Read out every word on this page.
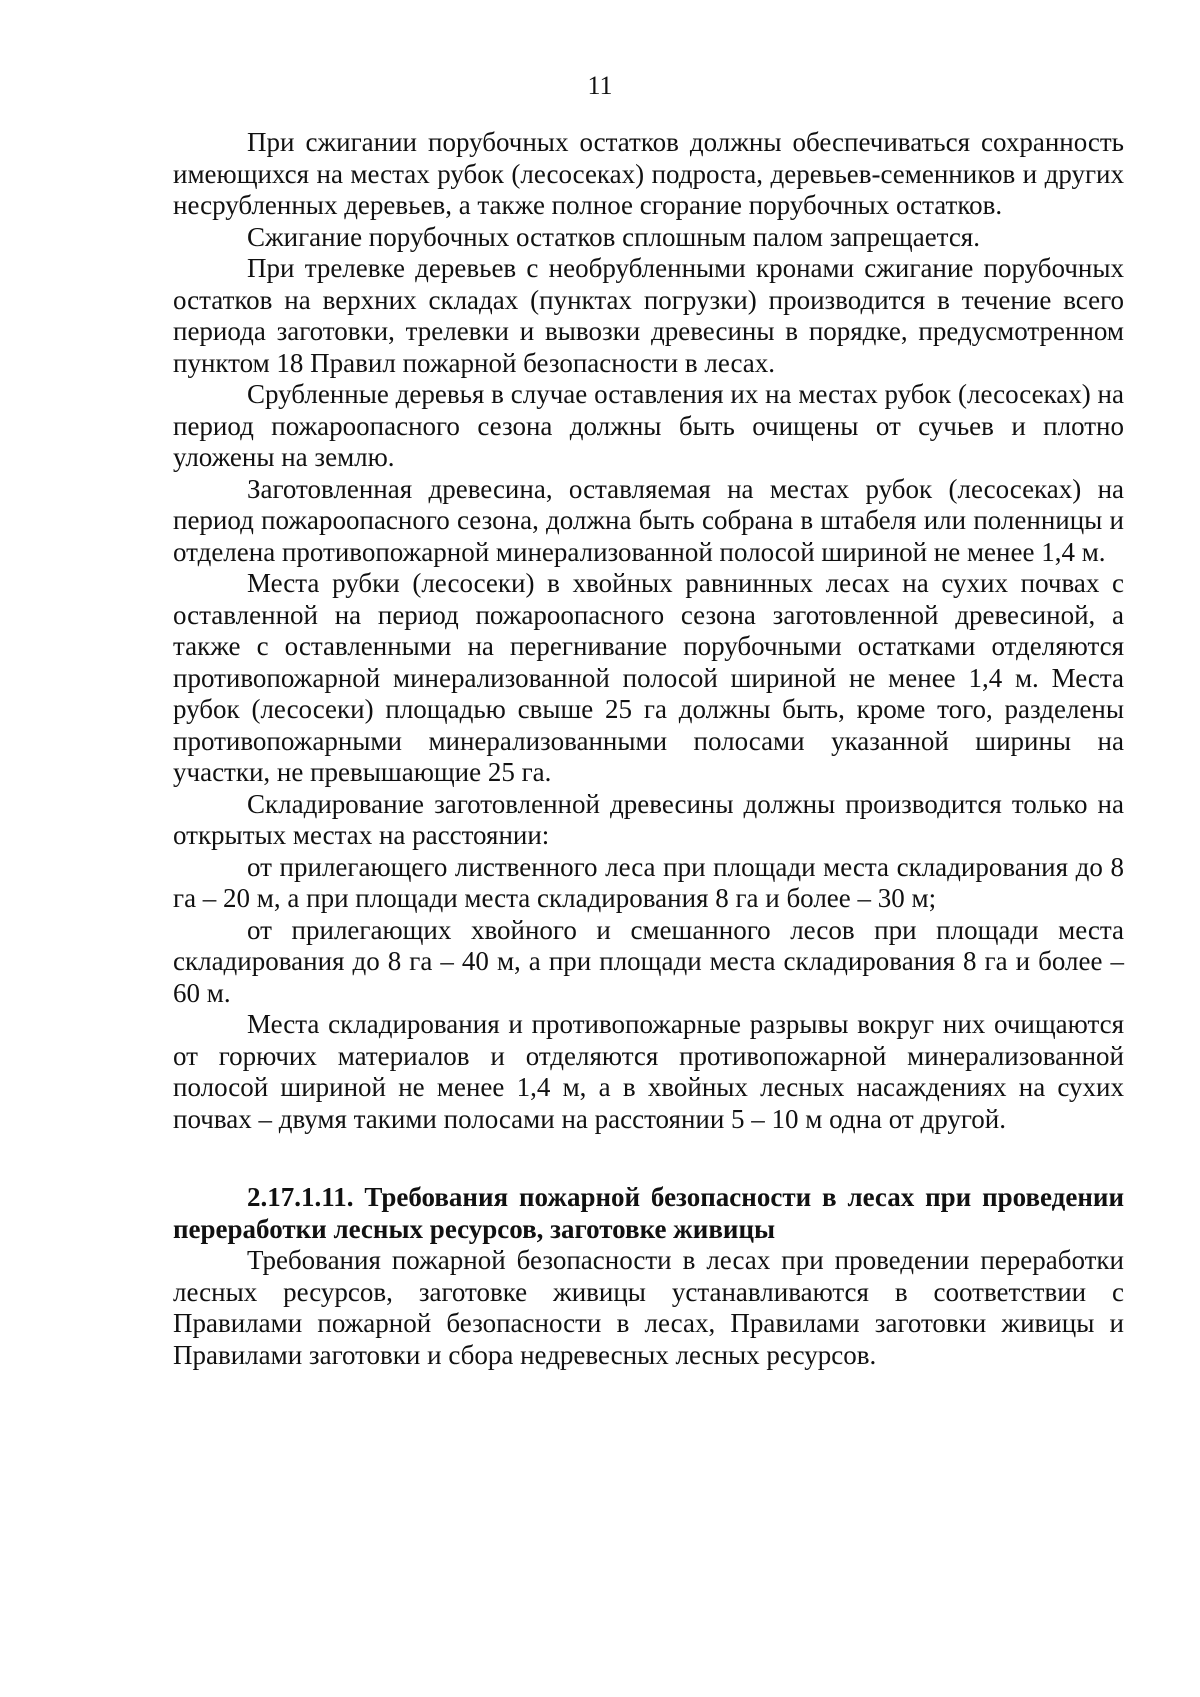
11

При сжигании порубочных остатков должны обеспечиваться сохранность имеющихся на местах рубок (лесосеках) подроста, деревьев-семенников и других несрубленных деревьев, а также полное сгорание порубочных остатков.

Сжигание порубочных остатков сплошным палом запрещается.

При трелевке деревьев с необрубленными кронами сжигание порубочных остатков на верхних складах (пунктах погрузки) производится в течение всего периода заготовки, трелевки и вывозки древесины в порядке, предусмотренном пунктом 18 Правил пожарной безопасности в лесах.

Срубленные деревья в случае оставления их на местах рубок (лесосеках) на период пожароопасного сезона должны быть очищены от сучьев и плотно уложены на землю.

Заготовленная древесина, оставляемая на местах рубок (лесосеках) на период пожароопасного сезона, должна быть собрана в штабеля или поленницы и отделена противопожарной минерализованной полосой шириной не менее 1,4 м.

Места рубки (лесосеки) в хвойных равнинных лесах на сухих почвах с оставленной на период пожароопасного сезона заготовленной древесиной, а также с оставленными на перегнивание порубочными остатками отделяются противопожарной минерализованной полосой шириной не менее 1,4 м. Места рубок (лесосеки) площадью свыше 25 га должны быть, кроме того, разделены противопожарными минерализованными полосами указанной ширины на участки, не превышающие 25 га.

Складирование заготовленной древесины должны производится только на открытых местах на расстоянии:

от прилегающего лиственного леса при площади места складирования до 8 га – 20 м, а при площади места складирования 8 га и более – 30 м;

от прилегающих хвойного и смешанного лесов при площади места складирования до 8 га – 40 м, а при площади места складирования 8 га и более – 60 м.

Места складирования и противопожарные разрывы вокруг них очищаются от горючих материалов и отделяются противопожарной минерализованной полосой шириной не менее 1,4 м, а в хвойных лесных насаждениях на сухих почвах – двумя такими полосами на расстоянии 5 – 10 м одна от другой.

2.17.1.11. Требования пожарной безопасности в лесах при проведении переработки лесных ресурсов, заготовке живицы

Требования пожарной безопасности в лесах при проведении переработки лесных ресурсов, заготовке живицы устанавливаются в соответствии с Правилами пожарной безопасности в лесах, Правилами заготовки живицы и Правилами заготовки и сбора недревесных лесных ресурсов.
